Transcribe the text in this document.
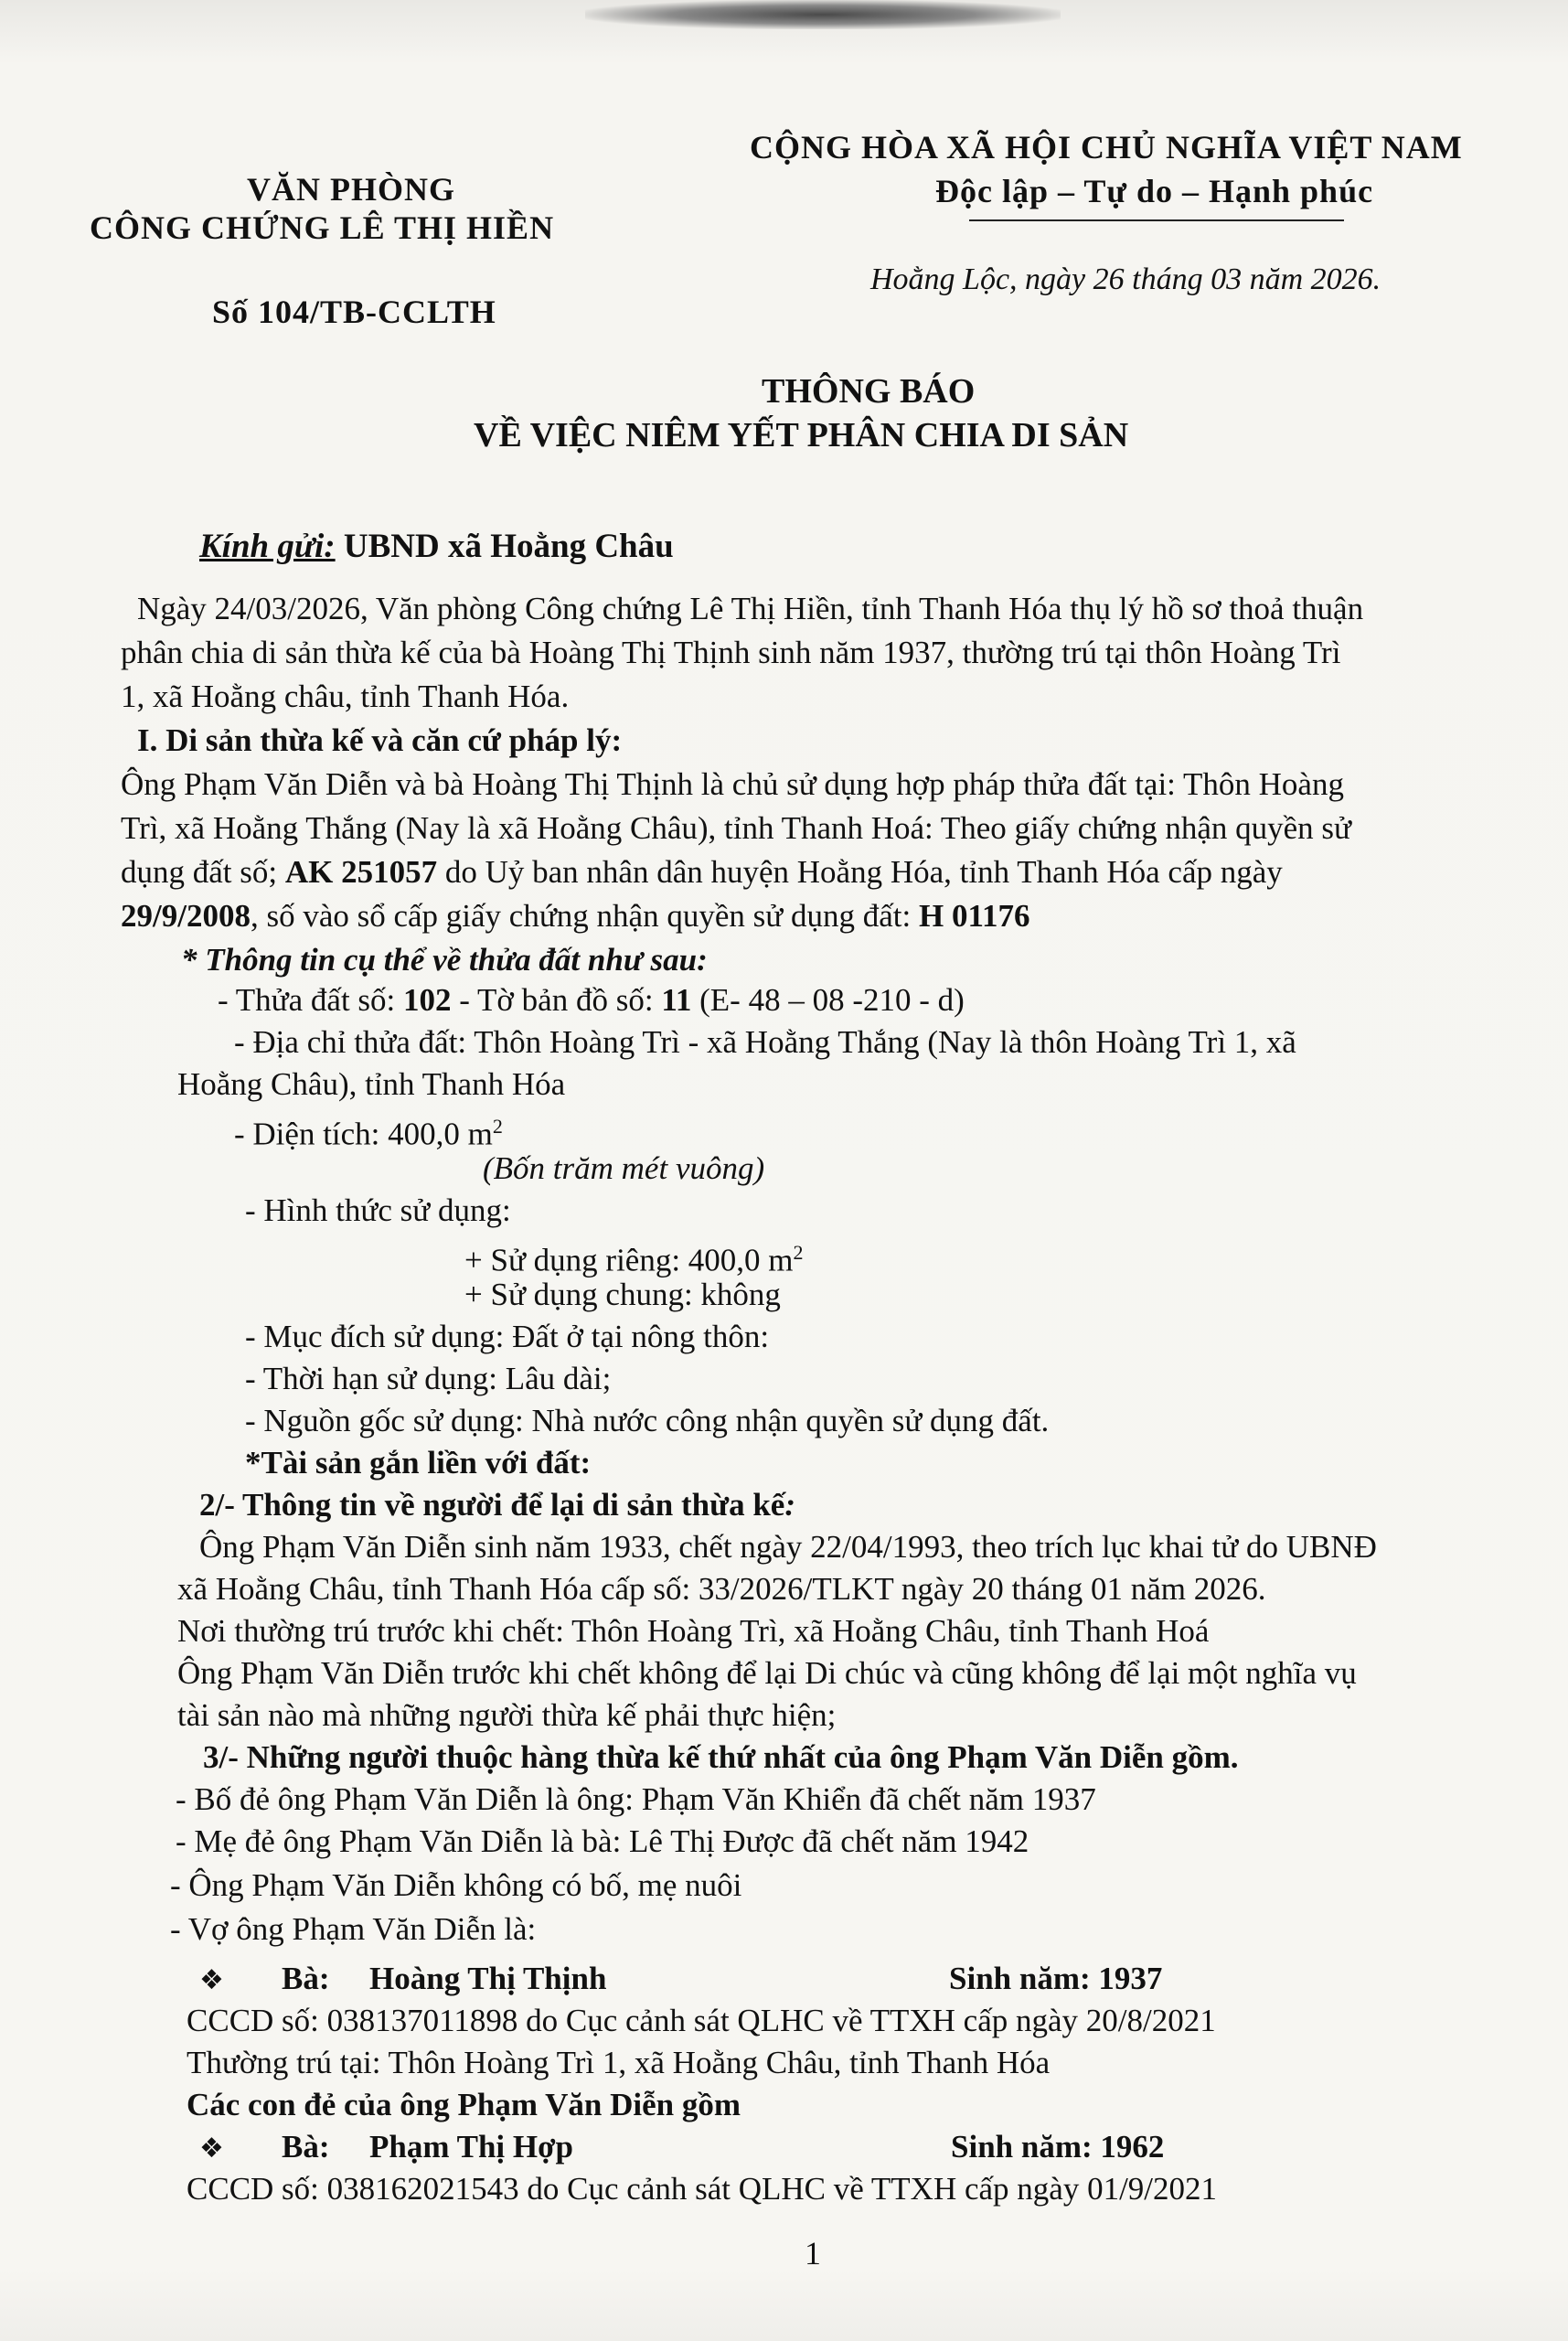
VĂN PHÒNG
CÔNG CHỨNG LÊ THỊ HIỀN
Số 104/TB-CCLTH
CỘNG HÒA XÃ HỘI CHỦ NGHĨA VIỆT NAM
Độc lập – Tự do – Hạnh phúc
Hoằng Lộc, ngày 26 tháng 03 năm 2026.
THÔNG BÁO
VỀ VIỆC NIÊM YẾT PHÂN CHIA DI SẢN
Kính gửi: UBND xã Hoằng Châu
Ngày 24/03/2026, Văn phòng Công chứng Lê Thị Hiền, tỉnh Thanh Hóa thụ lý hồ sơ thoả thuận
phân chia di sản thừa kế của bà Hoàng Thị Thịnh sinh năm 1937, thường trú tại thôn Hoàng Trì
1, xã Hoằng châu, tỉnh Thanh Hóa.
I. Di sản thừa kế và căn cứ pháp lý:
Ông Phạm Văn Diễn và bà Hoàng Thị Thịnh là chủ sử dụng hợp pháp thửa đất tại: Thôn Hoàng
Trì, xã Hoằng Thắng (Nay là xã Hoằng Châu), tỉnh Thanh Hoá: Theo giấy chứng nhận quyền sử
dụng đất số; AK 251057 do Uỷ ban nhân dân huyện Hoằng Hóa, tỉnh Thanh Hóa cấp ngày
29/9/2008, số vào sổ cấp giấy chứng nhận quyền sử dụng đất: H 01176
* Thông tin cụ thể về thửa đất như sau:
- Thửa đất số: 102 - Tờ bản đồ số: 11 (E- 48 – 08 -210 - d)
- Địa chỉ thửa đất: Thôn Hoàng Trì - xã Hoằng Thắng (Nay là thôn Hoàng Trì 1, xã
Hoằng Châu), tỉnh Thanh Hóa
- Diện tích: 400,0 $m^2$
(Bốn trăm mét vuông)
- Hình thức sử dụng:
+ Sử dụng riêng: 400,0 $m^2$
+ Sử dụng chung: không
- Mục đích sử dụng: Đất ở tại nông thôn:
- Thời hạn sử dụng: Lâu dài;
- Nguồn gốc sử dụng: Nhà nước công nhận quyền sử dụng đất.
*Tài sản gắn liền với đất:
2/- Thông tin về người để lại di sản thừa kế:
Ông Phạm Văn Diễn sinh năm 1933, chết ngày 22/04/1993, theo trích lục khai tử do UBNĐ
xã Hoằng Châu, tỉnh Thanh Hóa cấp số: 33/2026/TLKT ngày 20 tháng 01 năm 2026.
Nơi thường trú trước khi chết: Thôn Hoàng Trì, xã Hoằng Châu, tỉnh Thanh Hoá
Ông Phạm Văn Diễn trước khi chết không để lại Di chúc và cũng không để lại một nghĩa vụ
tài sản nào mà những người thừa kế phải thực hiện;
3/- Những người thuộc hàng thừa kế thứ nhất của ông Phạm Văn Diễn gồm.
- Bố đẻ ông Phạm Văn Diễn là ông: Phạm Văn Khiển đã chết năm 1937
- Mẹ đẻ ông Phạm Văn Diễn là bà: Lê Thị Được đã chết năm 1942
- Ông Phạm Văn Diễn không có bố, mẹ nuôi
- Vợ ông Phạm Văn Diễn là:
❖ Bà: Hoàng Thị Thịnh	Sinh năm: 1937
CCCD số: 038137011898 do Cục cảnh sát QLHC về TTXH cấp ngày 20/8/2021
Thường trú tại: Thôn Hoàng Trì 1, xã Hoằng Châu, tỉnh Thanh Hóa
Các con đẻ của ông Phạm Văn Diễn gồm
❖ Bà: Phạm Thị Hợp	Sinh năm: 1962
CCCD số: 038162021543 do Cục cảnh sát QLHC về TTXH cấp ngày 01/9/2021
1
